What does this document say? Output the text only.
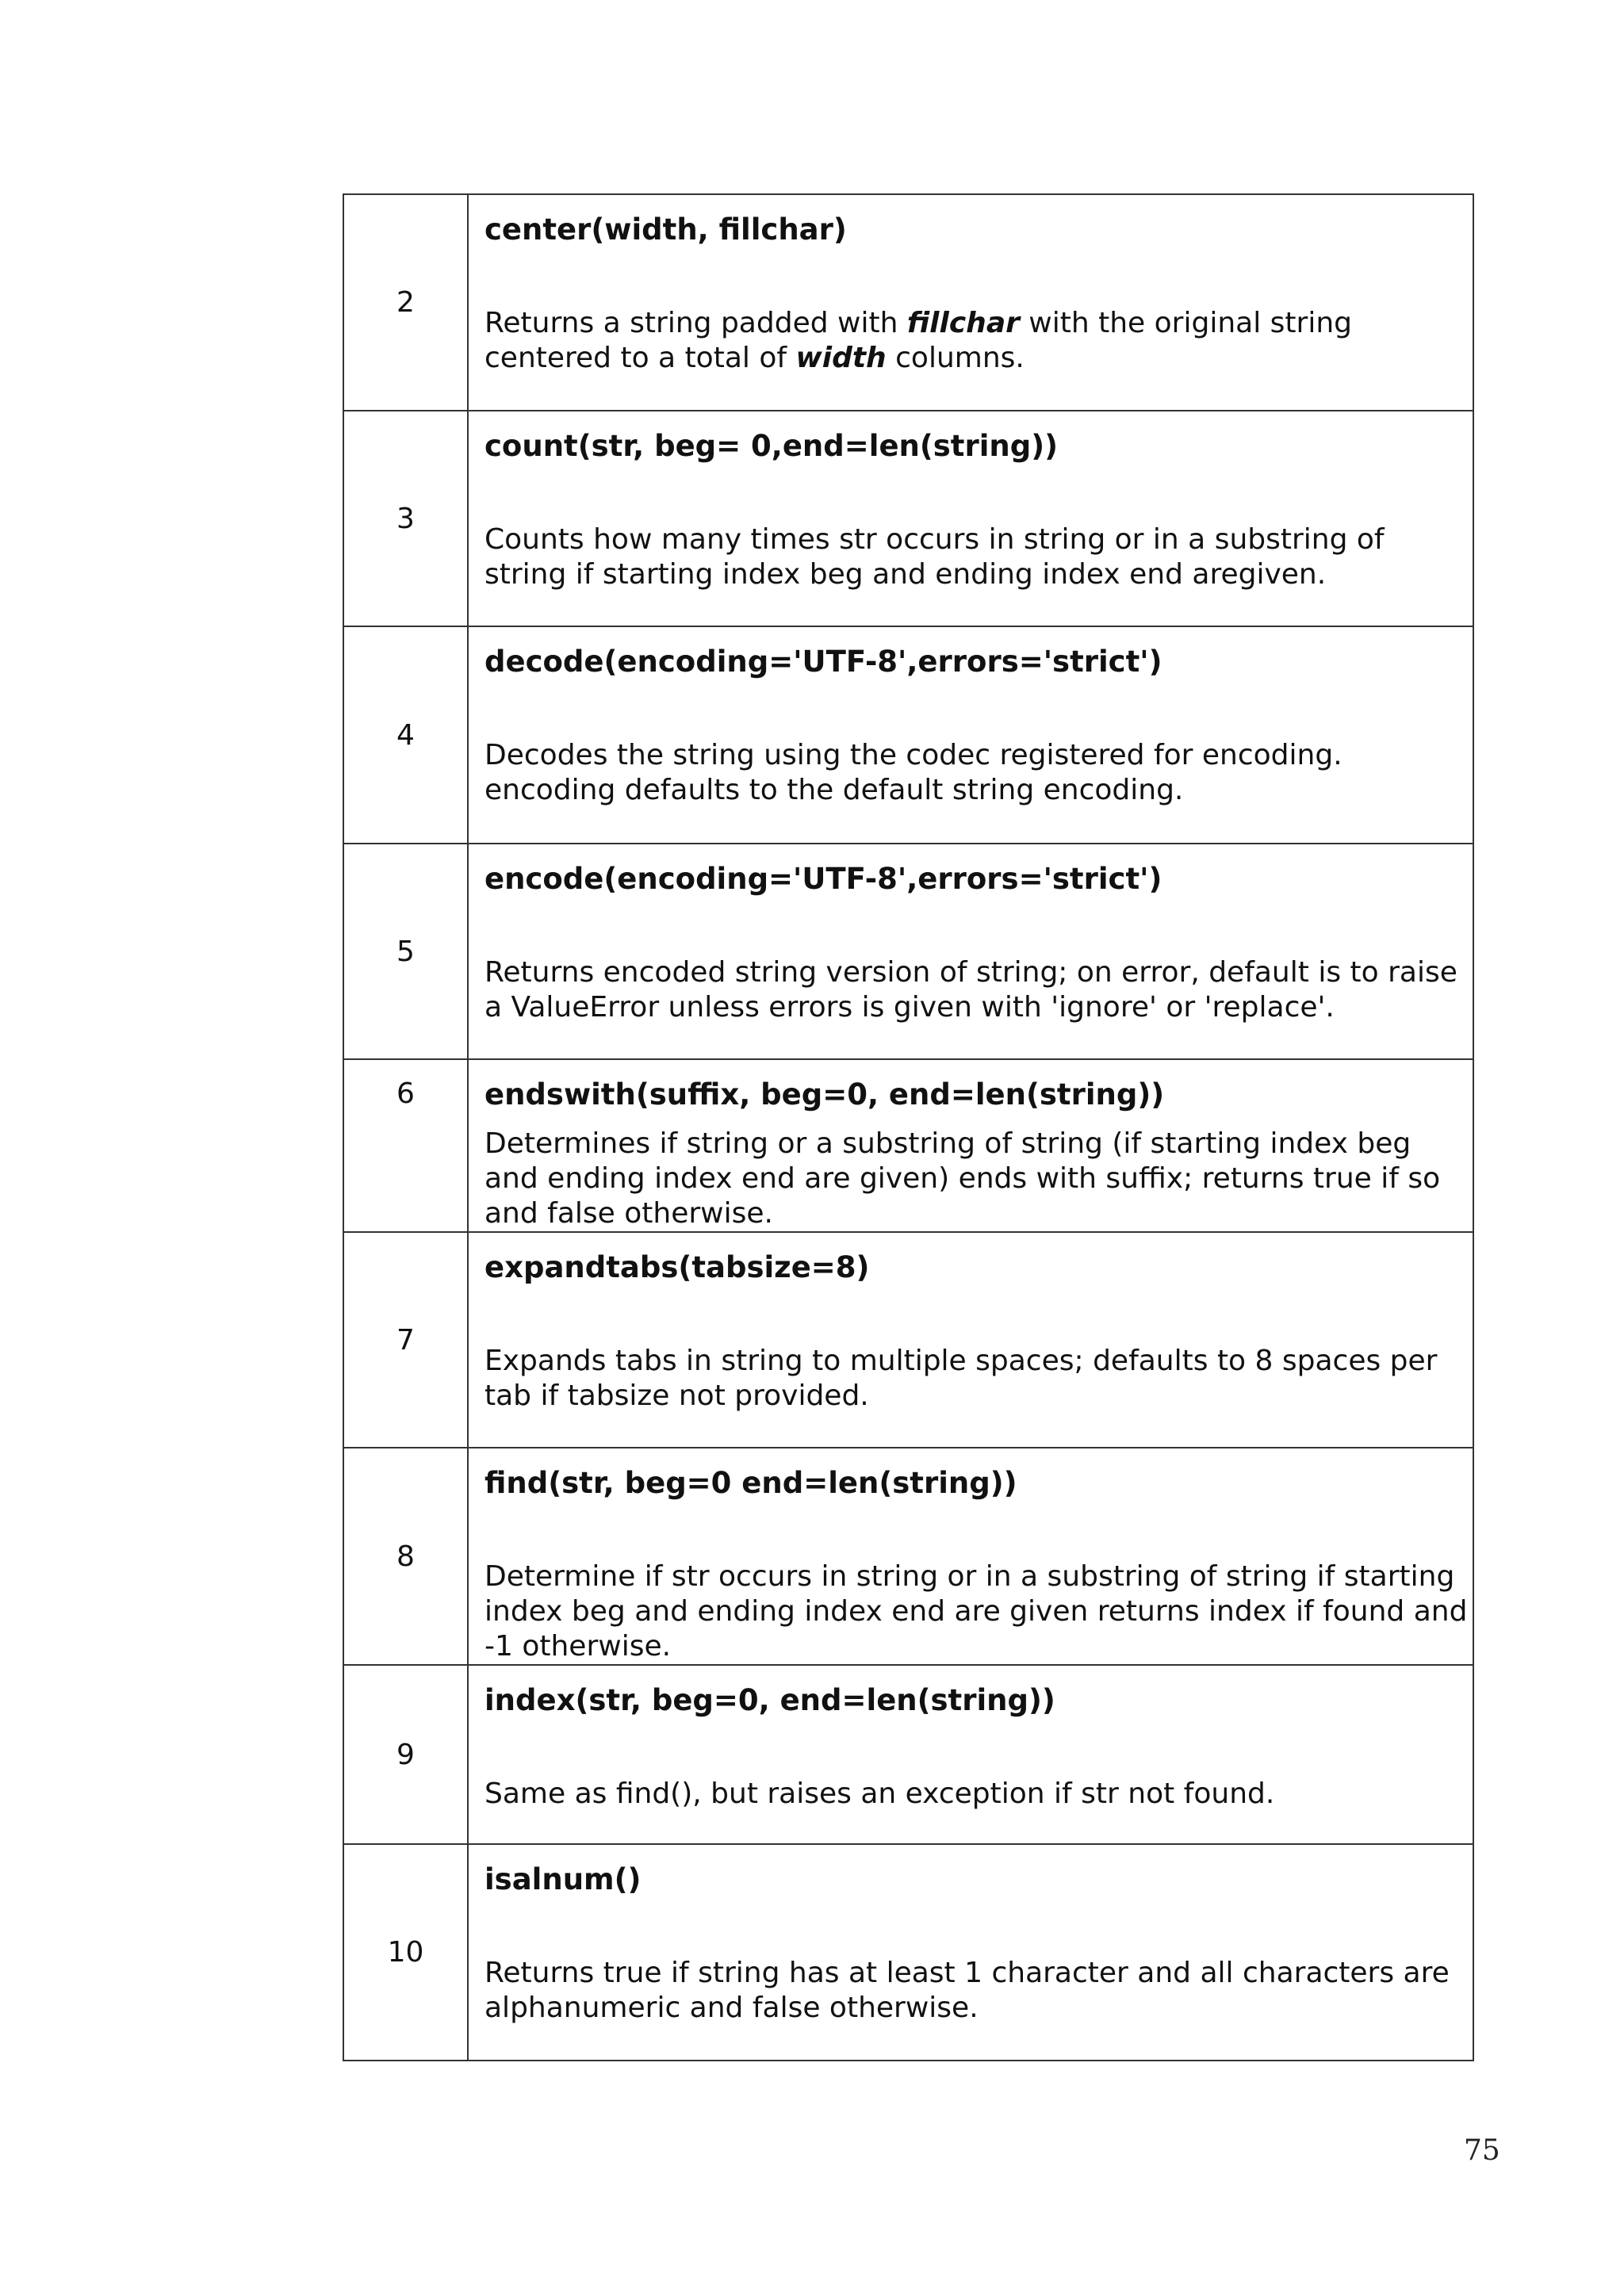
2	center(width, fillchar)

Returns a string padded with fillchar with the original string centered to a total of width columns.

3	count(str, beg= 0,end=len(string))

Counts how many times str occurs in string or in a substring of string if starting index beg and ending index end aregiven.

4	decode(encoding='UTF-8',errors='strict')

Decodes the string using the codec registered for encoding. encoding defaults to the default string encoding.

5	encode(encoding='UTF-8',errors='strict')

Returns encoded string version of string; on error, default is to raise a ValueError unless errors is given with 'ignore' or 'replace'.

6	endswith(suffix, beg=0, end=len(string))

Determines if string or a substring of string (if starting index beg and ending index end are given) ends with suffix; returns true if so and false otherwise.

7	expandtabs(tabsize=8)

Expands tabs in string to multiple spaces; defaults to 8 spaces per tab if tabsize not provided.

8	find(str, beg=0 end=len(string))

Determine if str occurs in string or in a substring of string if starting index beg and ending index end are given returns index if found and -1 otherwise.

9	index(str, beg=0, end=len(string))

Same as find(), but raises an exception if str not found.

10	isalnum()

Returns true if string has at least 1 character and all characters are alphanumeric and false otherwise.

75
